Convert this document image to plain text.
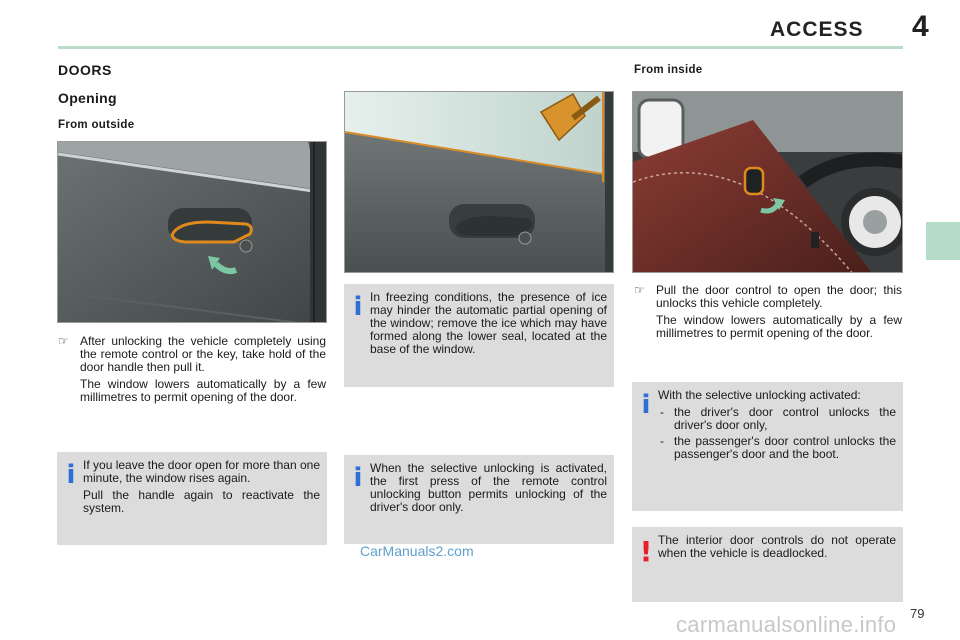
ACCESS 4
DOORS
Opening
From outside
☞ After unlocking the vehicle completely using the remote control or the key, take hold of the door handle then pull it.

The window lowers automatically by a few millimetres to permit opening of the door.

i If you leave the door open for more than one minute, the window rises again.

Pull the handle again to reactivate the system.

i In freezing conditions, the presence of ice may hinder the automatic partial opening of the window; remove the ice which may have formed along the lower seal, located at the base of the window.

i When the selective unlocking is activated, the first press of the remote control unlocking button permits unlocking of the driver's door only.

CarManuals2.com
From inside
☞ Pull the door control to open the door; this unlocks this vehicle completely.

The window lowers automatically by a few millimetres to permit opening of the door.

i With the selective unlocking activated:

- the driver's door control unlocks the driver's door only,
- the passenger's door control unlocks the passenger's door and the boot.
! The interior door controls do not operate when the vehicle is deadlocked.

79
carmanualsonline.info
